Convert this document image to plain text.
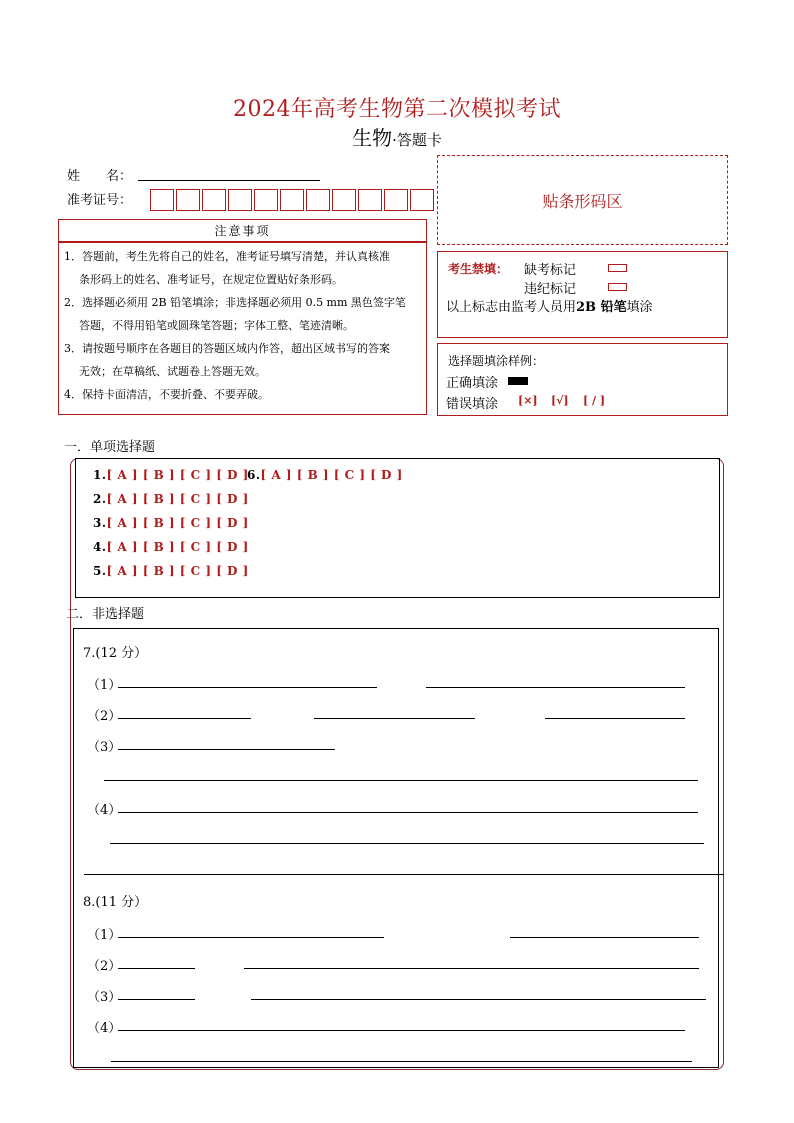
2024年高考生物第二次模拟考试
生物·答题卡
姓　　名：
准考证号：	贴条形码区
注意事项
1．答题前，考生先将自己的姓名，准考证号填写清楚，并认真核准
条形码上的姓名、准考证号，在规定位置贴好条形码。
2．选择题必须用 2B 铅笔填涂；非选择题必须用 0.5 mm 黑色签字笔
答题，不得用铅笔或圆珠笔答题；字体工整、笔迹清晰。
3．请按题号顺序在各题目的答题区域内作答，超出区域书写的答案
无效；在草稿纸、试题卷上答题无效。
4．保持卡面清洁，不要折叠、不要弄破。
考生禁填： 缺考标记
违纪标记
以上标志由监考人员用2B 铅笔填涂
选择题填涂样例：
正确填涂
错误填涂 [×] [√] [ / ]
一．单项选择题
1.[ A ] [ B ] [ C ] [ D ]
2.[ A ] [ B ] [ C ] [ D ]
3.[ A ] [ B ] [ C ] [ D ]
4.[ A ] [ B ] [ C ] [ D ]
5.[ A ] [ B ] [ C ] [ D ]
6.[ A ] [ B ] [ C ] [ D ]
二．非选择题
7.(12 分）
（1）
（2）
（3）
（4）
8.(11 分）
（1）
（2）
（3）
（4）
